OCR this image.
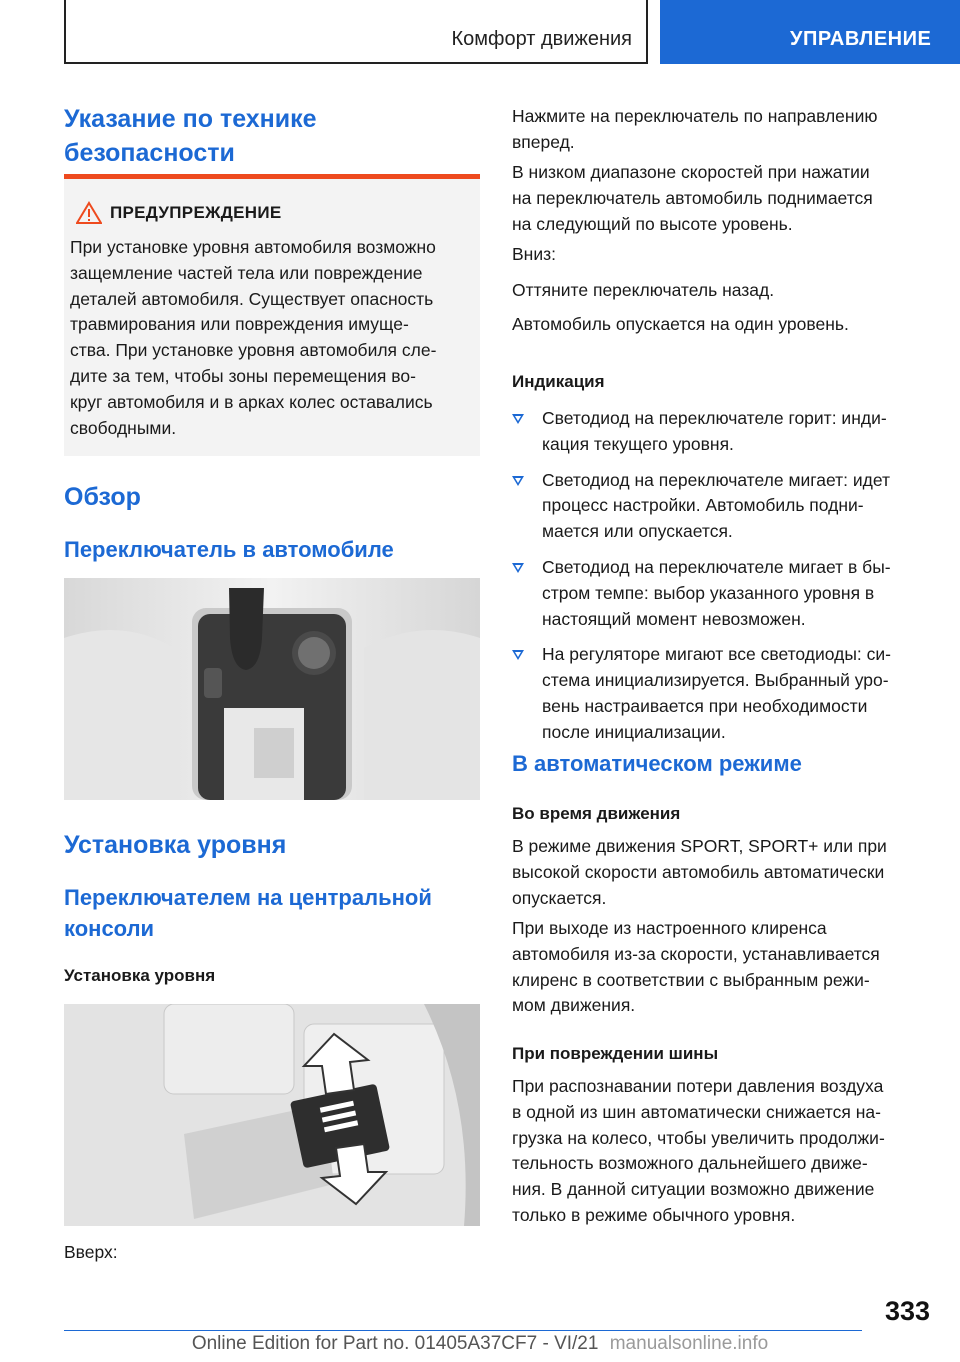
Комфорт движения	УПРАВЛЕНИЕ
Указание по технике
безопасности
ПРЕДУПРЕЖДЕНИЕ
При установке уровня автомобиля возможно
защемление частей тела или повреждение
деталей автомобиля. Существует опасность
травмирования или повреждения имуще-
ства. При установке уровня автомобиля сле-
дите за тем, чтобы зоны перемещения во-
круг автомобиля и в арках колес оставались
свободными.
Обзор
Переключатель в автомобиле
Установка уровня
Переключателем на центральной
консоли
Установка уровня
Вверх:
Нажмите на переключатель по направлению
вперед.
В низком диапазоне скоростей при нажатии
на переключатель автомобиль поднимается
на следующий по высоте уровень.
Вниз:
Оттяните переключатель назад.
Автомобиль опускается на один уровень.
Индикация
Светодиод на переключателе горит: инди-
кация текущего уровня.
Светодиод на переключателе мигает: идет
процесс настройки. Автомобиль подни-
мается или опускается.
Светодиод на переключателе мигает в бы-
стром темпе: выбор указанного уровня в
настоящий момент невозможен.
На регуляторе мигают все светодиоды: си-
стема инициализируется. Выбранный уро-
вень настраивается при необходимости
после инициализации.
В автоматическом режиме
Во время движения
В режиме движения SPORT, SPORT+ или при
высокой скорости автомобиль автоматически
опускается.
При выходе из настроенного клиренса
автомобиля из-за скорости, устанавливается
клиренс в соответствии с выбранным режи-
мом движения.
При повреждении шины
При распознавании потери давления воздуха
в одной из шин автоматически снижается на-
грузка на колесо, чтобы увеличить продолжи-
тельность возможного дальнейшего движе-
ния. В данной ситуации возможно движение
только в режиме обычного уровня.
333
Online Edition for Part no. 01405A37CF7 - VI/21 manualsonline.info
